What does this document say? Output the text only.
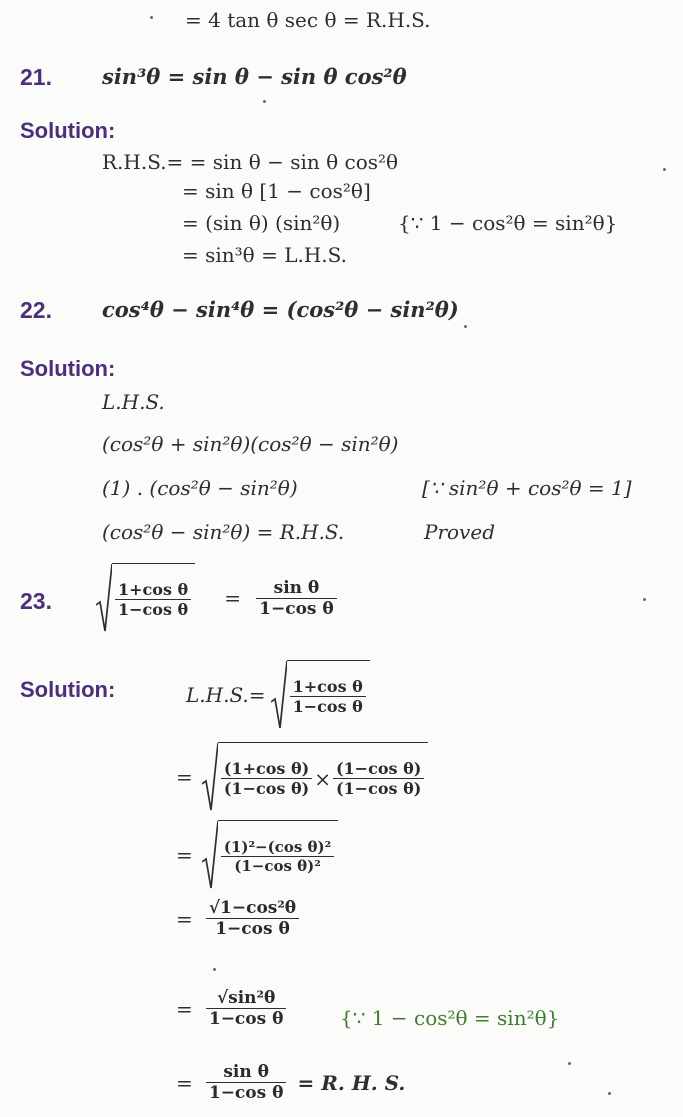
= 4 tan θ sec θ = R.H.S.
21. sin³θ = sin θ − sin θ cos²θ
Solution:
R.H.S.= = sin θ − sin θ cos²θ
= sin θ [1 − cos²θ]
= (sin θ) (sin²θ)	{∵ 1 − cos²θ = sin²θ}
= sin³θ = L.H.S.
22. cos⁴θ − sin⁴θ = (cos²θ − sin²θ)
Solution:
L.H.S.
(cos²θ + sin²θ)(cos²θ − sin²θ)
(1) . (cos²θ − sin²θ)	[∵ sin²θ + cos²θ = 1]
(cos²θ − sin²θ) = R.H.S.	Proved
23.	$\frac{\text{1+cos θ}}{\text{1−cos θ}} = \frac{\text{sin θ}}{\text{1−cos θ}}$
Solution:	$L.H.S.= \frac{\text{1+cos θ}}{\text{1−cos θ}}$
= $\frac{\text{(1+cos θ)}}{\text{(1−cos θ)}} \times \frac{\text{(1−cos θ)}}{\text{(1−cos θ)}}$
= $\frac{\text{(1)²−(cos θ)²}}{\text{(1−cos θ)²}}$
= $\frac{\text{√1−cos²θ}}{\text{1−cos θ}}$
= $\frac{\text{√sin²θ}}{\text{1−cos θ}}$	{∵ 1 − cos²θ = sin²θ}
= $\frac{\text{sin θ}}{\text{1−cos θ}} = R$. H. S.
